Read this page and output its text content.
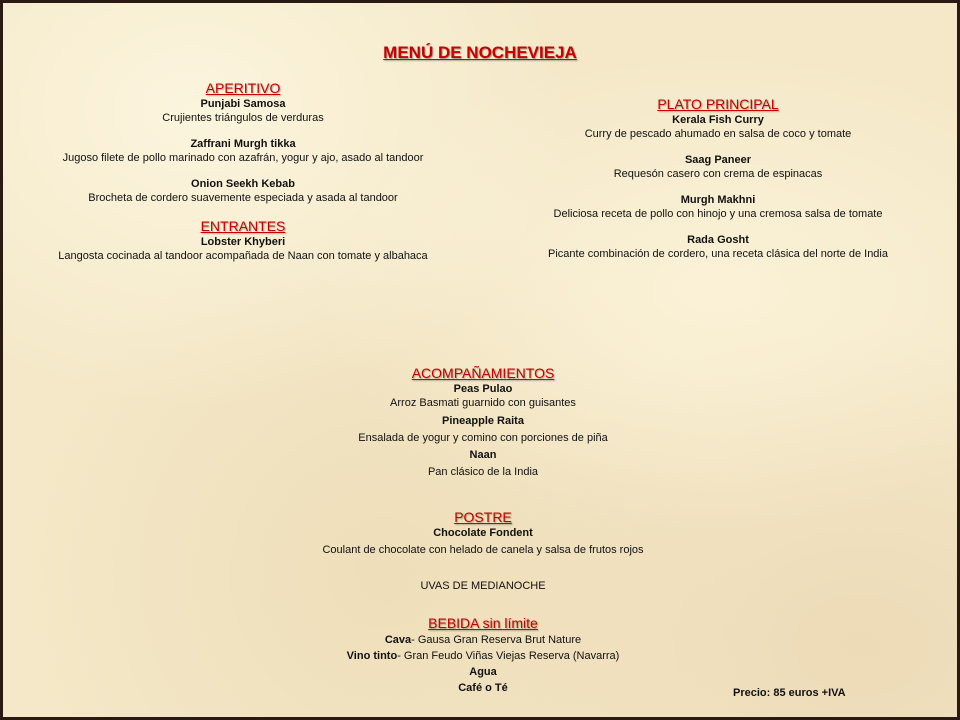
MENÚ DE NOCHEVIEJA
APERITIVO
Punjabi Samosa
Crujientes triángulos de verduras
Zaffrani Murgh tikka
Jugoso filete de pollo marinado con azafrán, yogur y ajo, asado al tandoor
Onion Seekh Kebab
Brocheta de cordero suavemente especiada y asada al tandoor
ENTRANTES
Lobster Khyberi
Langosta cocinada al tandoor acompañada de Naan con tomate y albahaca
PLATO PRINCIPAL
Kerala Fish Curry
Curry de pescado ahumado en salsa de coco y tomate
Saag Paneer
Requesón casero con crema de espinacas
Murgh Makhni
Deliciosa receta de pollo con hinojo y una cremosa salsa de tomate
Rada Gosht
Picante combinación de cordero, una receta clásica del norte de India
ACOMPAÑAMIENTOS
Peas Pulao
Arroz Basmati guarnido con guisantes
Pineapple Raita
Ensalada de yogur y comino con porciones de piña
Naan
Pan clásico de la India
POSTRE
Chocolate Fondent
Coulant de chocolate con helado de canela y salsa de frutos rojos
UVAS DE MEDIANOCHE
BEBIDA sin límite
Cava- Gausa Gran Reserva Brut Nature
Vino tinto- Gran Feudo Viñas Viejas Reserva (Navarra)
Agua
Café o Té	Precio: 85 euros +IVA
